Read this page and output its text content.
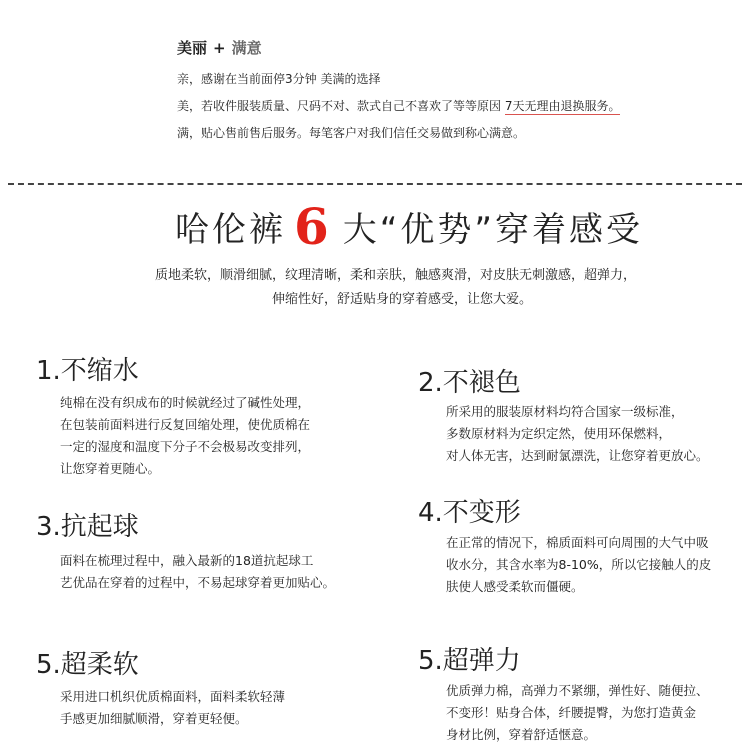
美丽 + 满意
亲，感谢在当前面停3分钟 美满的选择
美，若收件服装质量、尺码不对、款式自己不喜欢了等等原因 7天无理由退换服务。
满，贴心售前售后服务。每笔客户对我们信任交易做到称心满意。
哈伦裤 6 大“优势”穿着感受
质地柔软，顺滑细腻，纹理清晰，柔和亲肤，触感爽滑，对皮肤无刺激感，超弹力，
伸缩性好，舒适贴身的穿着感受，让您大爱。
1.不缩水
纯棉在没有织成布的时候就经过了碱性处理，
在包装前面料进行反复回缩处理，使优质棉在
一定的湿度和温度下分子不会极易改变排列，
让您穿着更随心。
2.不褪色
所采用的服装原材料均符合国家一级标准，
多数原材料为定织定然，使用环保燃料，
对人体无害，达到耐氯漂洗，让您穿着更放心。
3.抗起球
面料在梳理过程中，融入最新的18道抗起球工
艺优品在穿着的过程中，不易起球穿着更加贴心。
4.不变形
在正常的情况下，棉质面料可向周围的大气中吸
收水分，其含水率为8-10%，所以它接触人的皮
肤使人感受柔软而僵硬。
5.超柔软
采用进口机织优质棉面料，面料柔软轻薄
手感更加细腻顺滑，穿着更轻便。
5.超弹力
优质弹力棉，高弹力不紧绷，弹性好、随便拉、
不变形！贴身合体，纤腰提臀，为您打造黄金
身材比例，穿着舒适惬意。
